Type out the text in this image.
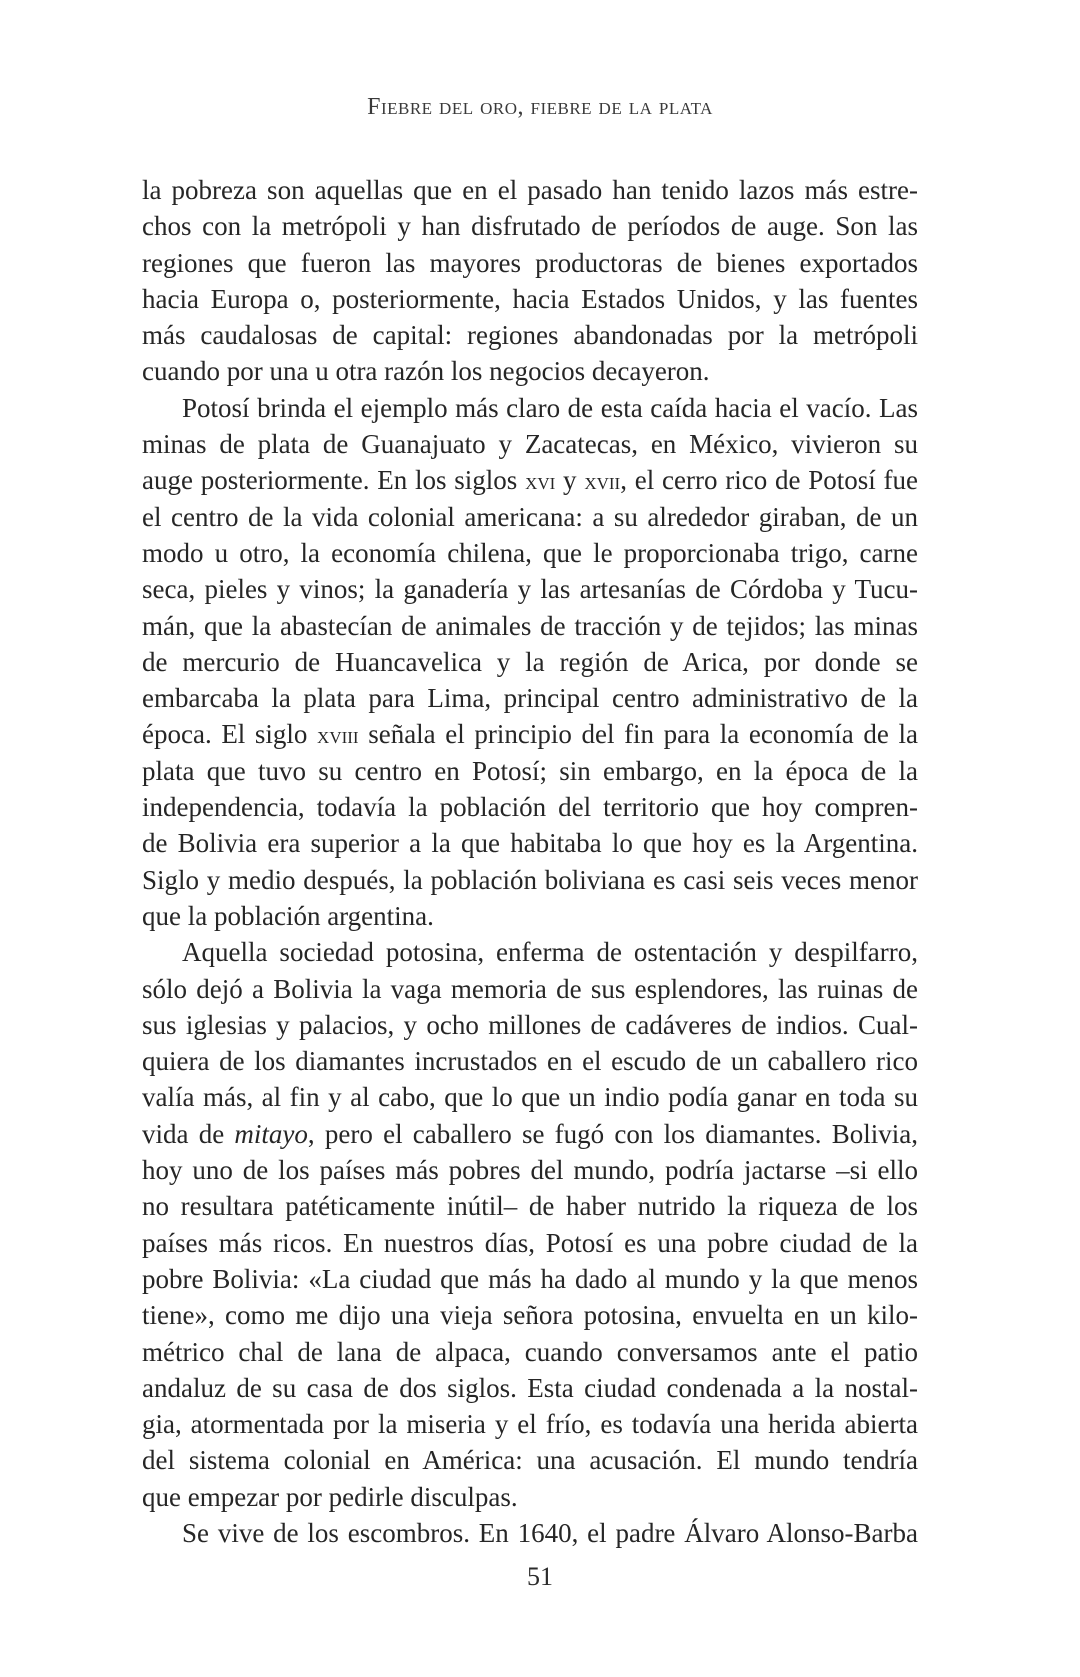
Fiebre del oro, fiebre de la plata
la pobreza son aquellas que en el pasado han tenido lazos más estre-
chos con la metrópoli y han disfrutado de períodos de auge. Son las
regiones que fueron las mayores productoras de bienes exportados
hacia Europa o, posteriormente, hacia Estados Unidos, y las fuentes
más caudalosas de capital: regiones abandonadas por la metrópoli
cuando por una u otra razón los negocios decayeron.
Potosí brinda el ejemplo más claro de esta caída hacia el vacío. Las
minas de plata de Guanajuato y Zacatecas, en México, vivieron su
auge posteriormente. En los siglos xvi y xvii, el cerro rico de Potosí fue
el centro de la vida colonial americana: a su alrededor giraban, de un
modo u otro, la economía chilena, que le proporcionaba trigo, carne
seca, pieles y vinos; la ganadería y las artesanías de Córdoba y Tucu-
mán, que la abastecían de animales de tracción y de tejidos; las minas
de mercurio de Huancavelica y la región de Arica, por donde se
embarcaba la plata para Lima, principal centro administrativo de la
época. El siglo xviii señala el principio del fin para la economía de la
plata que tuvo su centro en Potosí; sin embargo, en la época de la
independencia, todavía la población del territorio que hoy compren-
de Bolivia era superior a la que habitaba lo que hoy es la Argentina.
Siglo y medio después, la población boliviana es casi seis veces menor
que la población argentina.
Aquella sociedad potosina, enferma de ostentación y despilfarro,
sólo dejó a Bolivia la vaga memoria de sus esplendores, las ruinas de
sus iglesias y palacios, y ocho millones de cadáveres de indios. Cual-
quiera de los diamantes incrustados en el escudo de un caballero rico
valía más, al fin y al cabo, que lo que un indio podía ganar en toda su
vida de mitayo, pero el caballero se fugó con los diamantes. Bolivia,
hoy uno de los países más pobres del mundo, podría jactarse –si ello
no resultara patéticamente inútil– de haber nutrido la riqueza de los
países más ricos. En nuestros días, Potosí es una pobre ciudad de la
pobre Bolivia: «La ciudad que más ha dado al mundo y la que menos
tiene», como me dijo una vieja señora potosina, envuelta en un kilo-
métrico chal de lana de alpaca, cuando conversamos ante el patio
andaluz de su casa de dos siglos. Esta ciudad condenada a la nostal-
gia, atormentada por la miseria y el frío, es todavía una herida abierta
del sistema colonial en América: una acusación. El mundo tendría
que empezar por pedirle disculpas.
Se vive de los escombros. En 1640, el padre Álvaro Alonso-Barba
51
